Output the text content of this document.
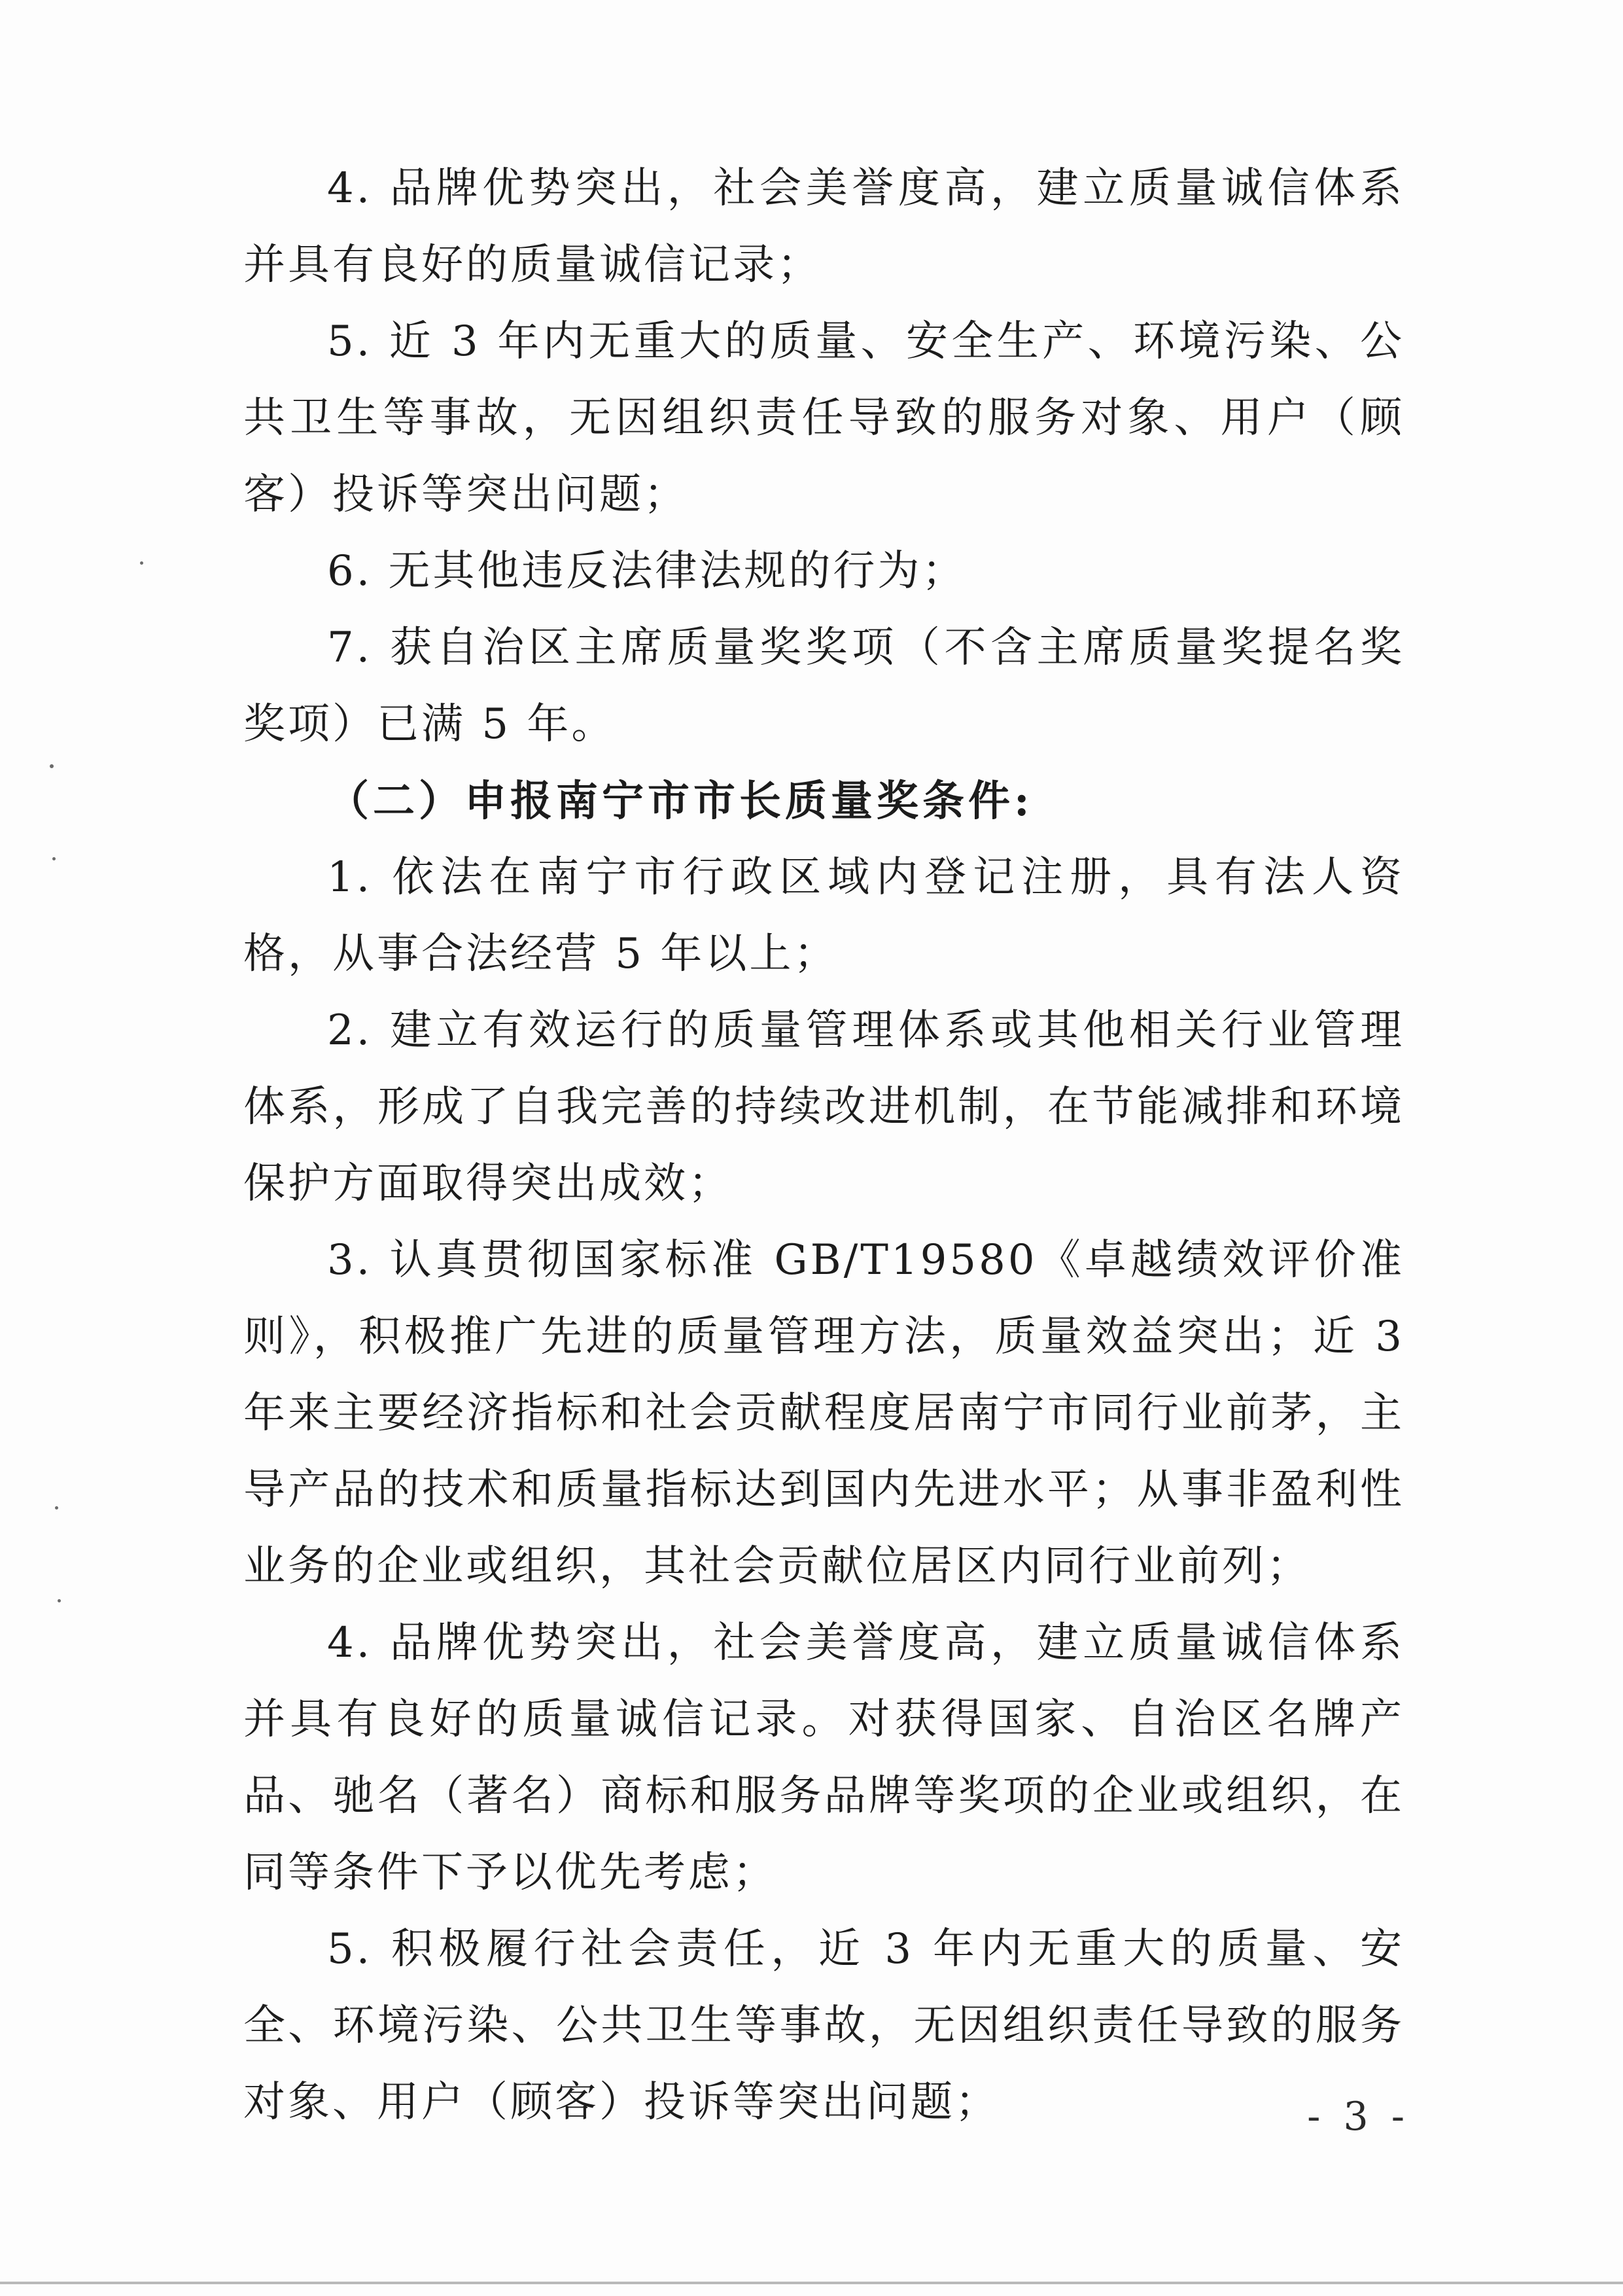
4. 品牌优势突出，社会美誉度高，建立质量诚信体系并具有良好的质量诚信记录；

5. 近 3 年内无重大的质量、安全生产、环境污染、公共卫生等事故，无因组织责任导致的服务对象、用户（顾客）投诉等突出问题；

6. 无其他违反法律法规的行为；

7. 获自治区主席质量奖奖项（不含主席质量奖提名奖奖项）已满 5 年。

（二）申报南宁市市长质量奖条件:

1. 依法在南宁市行政区域内登记注册，具有法人资格，从事合法经营 5 年以上；

2. 建立有效运行的质量管理体系或其他相关行业管理体系，形成了自我完善的持续改进机制，在节能减排和环境保护方面取得突出成效；

3. 认真贯彻国家标准 GB/T19580《卓越绩效评价准则》，积极推广先进的质量管理方法，质量效益突出；近 3 年来主要经济指标和社会贡献程度居南宁市同行业前茅，主导产品的技术和质量指标达到国内先进水平；从事非盈利性业务的企业或组织，其社会贡献位居区内同行业前列；

4. 品牌优势突出，社会美誉度高，建立质量诚信体系并具有良好的质量诚信记录。对获得国家、自治区名牌产品、驰名（著名）商标和服务品牌等奖项的企业或组织，在同等条件下予以优先考虑；

5. 积极履行社会责任，近 3 年内无重大的质量、安全、环境污染、公共卫生等事故，无因组织责任导致的服务对象、用户（顾客）投诉等突出问题；	- 3 -
